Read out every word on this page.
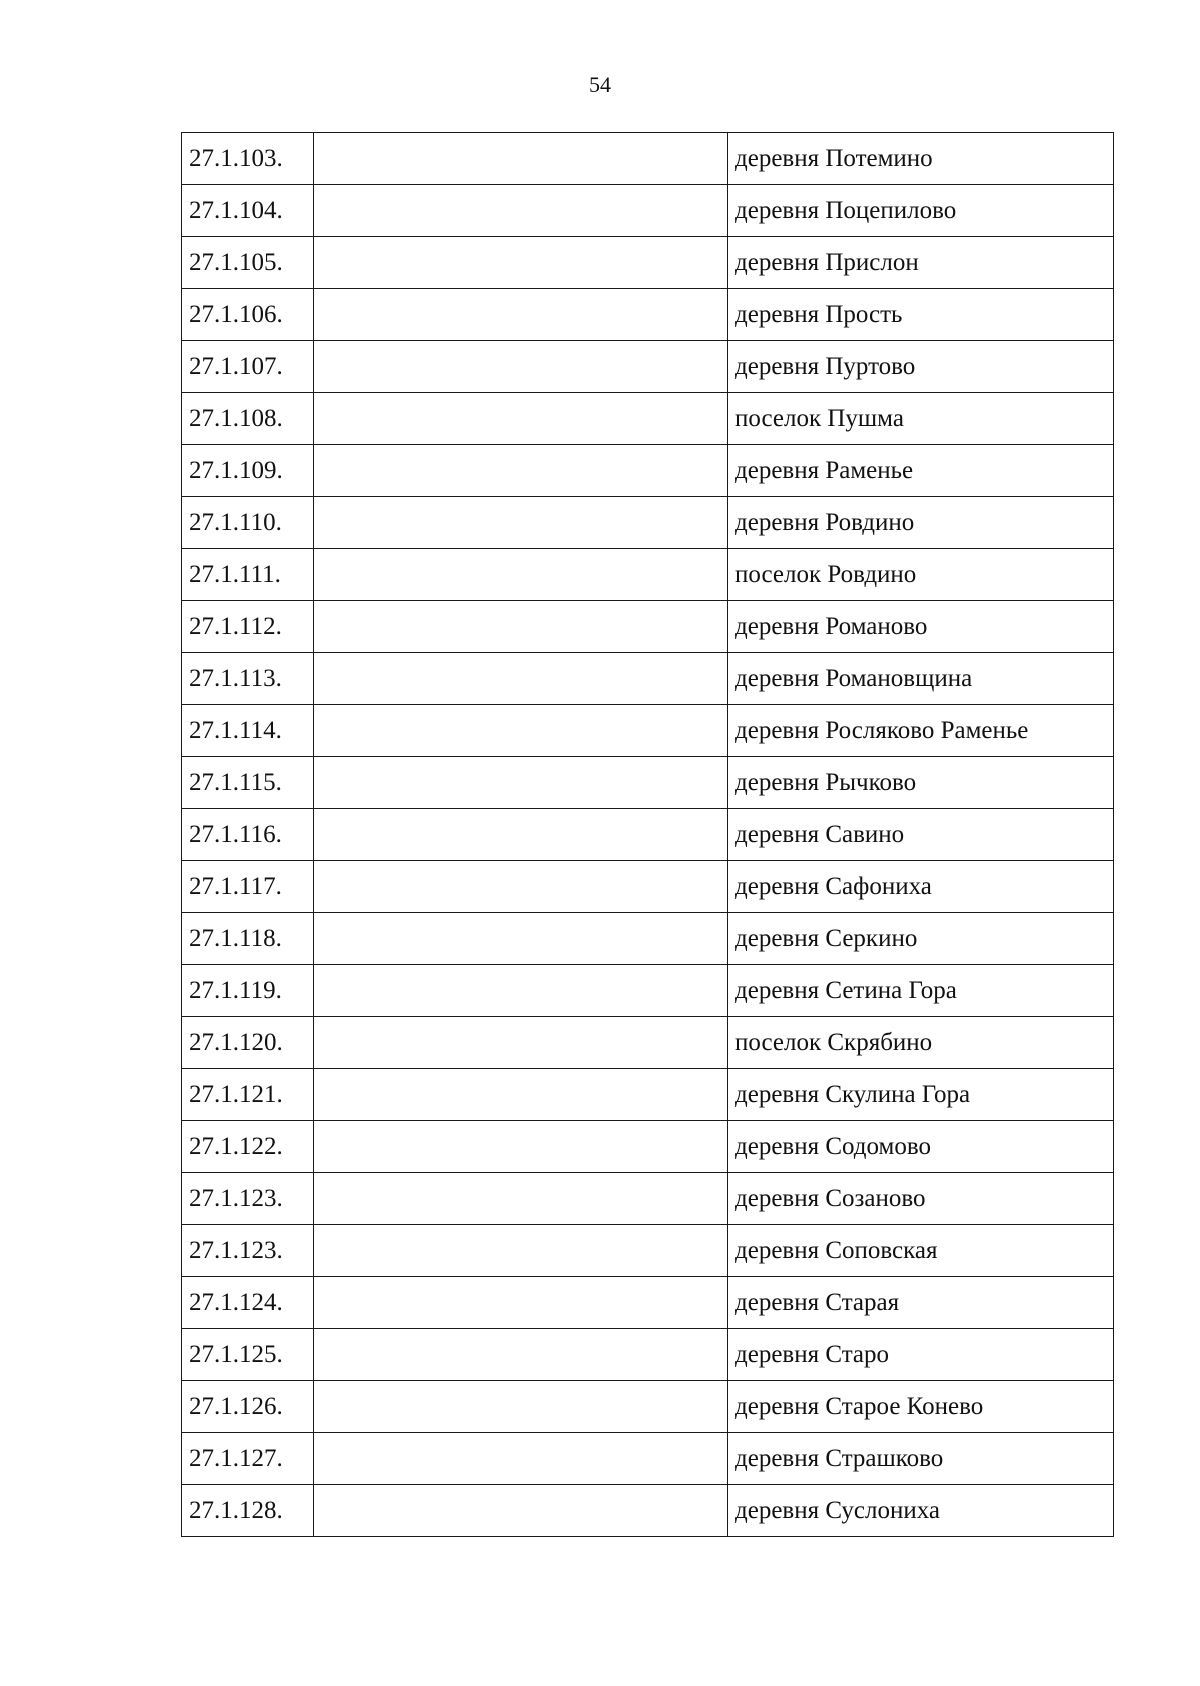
54
27.1.103.		деревня Потемино
27.1.104.		деревня Поцепилово
27.1.105.		деревня Прислон
27.1.106.		деревня Прость
27.1.107.		деревня Пуртово
27.1.108.		поселок Пушма
27.1.109.		деревня Раменье
27.1.110.		деревня Ровдино
27.1.111.		поселок Ровдино
27.1.112.		деревня Романово
27.1.113.		деревня Романовщина
27.1.114.		деревня Росляково Раменье
27.1.115.		деревня Рычково
27.1.116.		деревня Савино
27.1.117.		деревня Сафониха
27.1.118.		деревня Серкино
27.1.119.		деревня Сетина Гора
27.1.120.		поселок Скрябино
27.1.121.		деревня Скулина Гора
27.1.122.		деревня Содомово
27.1.123.		деревня Созаново
27.1.123.		деревня Соповская
27.1.124.		деревня Старая
27.1.125.		деревня Старо
27.1.126.		деревня Старое Конево
27.1.127.		деревня Страшково
27.1.128.		деревня Суслониха
